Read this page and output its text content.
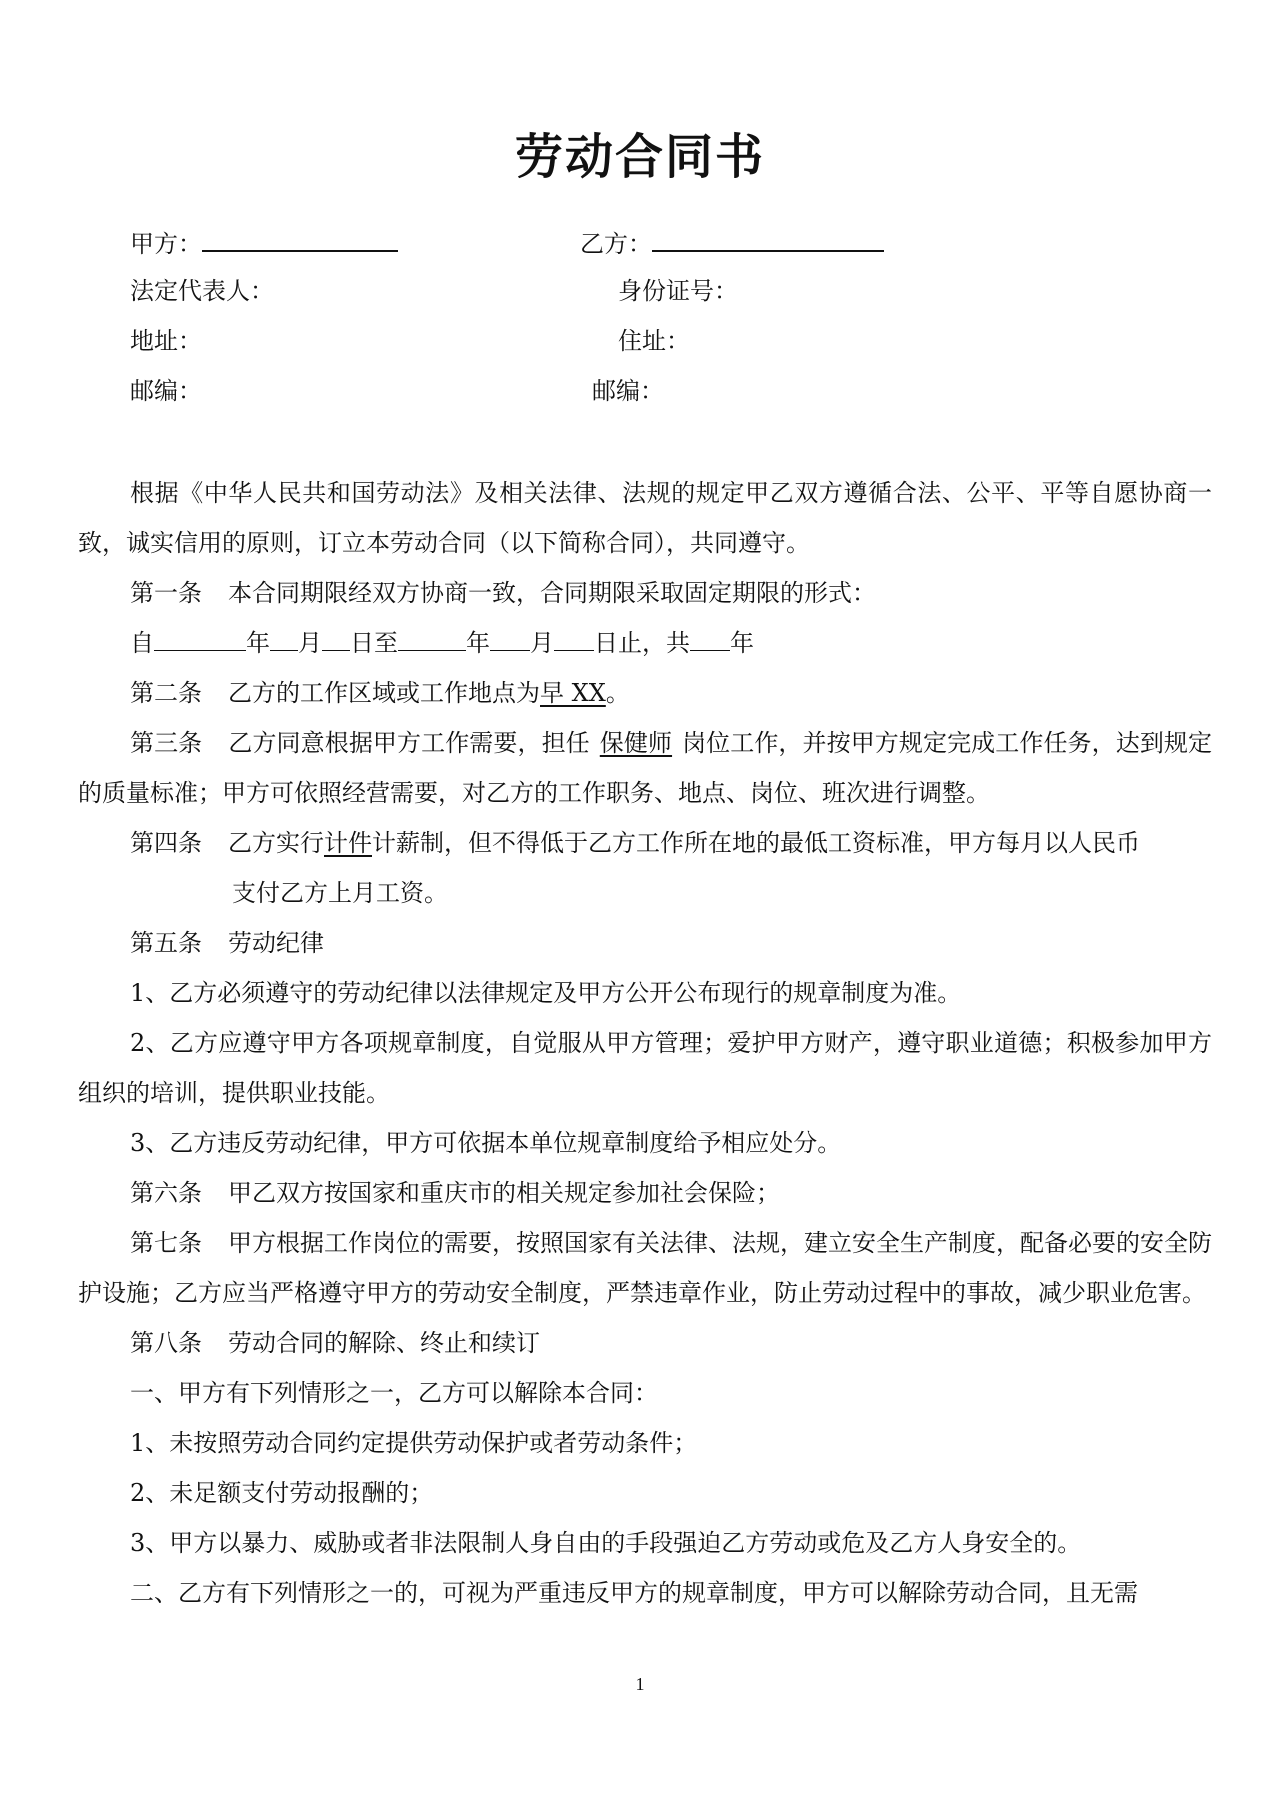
劳动合同书
甲方：
法定代表人：
地址：
邮编：
乙方：
身份证号：
住址：
邮编：

根据《中华人民共和国劳动法》及相关法律、法规的规定甲乙双方遵循合法、公平、平等自愿协商一致，诚实信用的原则，订立本劳动合同（以下简称合同），共同遵守。

第一条 本合同期限经双方协商一致，合同期限采取固定期限的形式：

自	年 月 日至	年 月 日止，共 年

第二条 乙方的工作区域或工作地点为早 XX。

第三条 乙方同意根据甲方工作需要，担任 保健师 岗位工作，并按甲方规定完成工作任务，达到规定的质量标准；甲方可依照经营需要，对乙方的工作职务、地点、岗位、班次进行调整。

第四条 乙方实行计件计薪制，但不得低于乙方工作所在地的最低工资标准，甲方每月以人民币

支付乙方上月工资。

第五条 劳动纪律

1、乙方必须遵守的劳动纪律以法律规定及甲方公开公布现行的规章制度为准。

2、乙方应遵守甲方各项规章制度，自觉服从甲方管理；爱护甲方财产，遵守职业道德；积极参加甲方组织的培训，提供职业技能。

3、乙方违反劳动纪律，甲方可依据本单位规章制度给予相应处分。

第六条 甲乙双方按国家和重庆市的相关规定参加社会保险；

第七条 甲方根据工作岗位的需要，按照国家有关法律、法规，建立安全生产制度，配备必要的安全防护设施；乙方应当严格遵守甲方的劳动安全制度，严禁违章作业，防止劳动过程中的事故，减少职业危害。

第八条 劳动合同的解除、终止和续订

一、甲方有下列情形之一，乙方可以解除本合同：

1、未按照劳动合同约定提供劳动保护或者劳动条件；

2、未足额支付劳动报酬的；

3、甲方以暴力、威胁或者非法限制人身自由的手段强迫乙方劳动或危及乙方人身安全的。

二、乙方有下列情形之一的，可视为严重违反甲方的规章制度，甲方可以解除劳动合同，且无需

1
